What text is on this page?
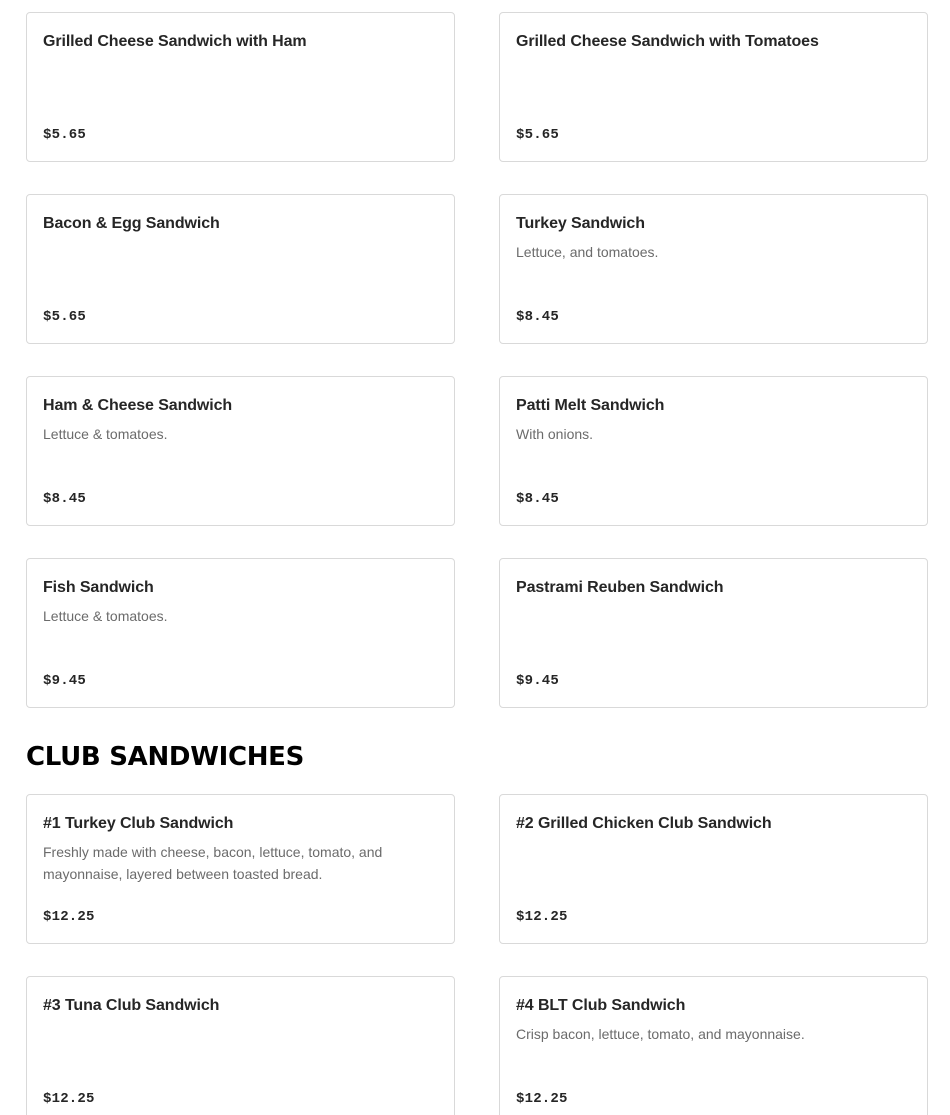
Grilled Cheese Sandwich with Ham
$5.65
Grilled Cheese Sandwich with Tomatoes
$5.65
Bacon & Egg Sandwich
$5.65
Turkey Sandwich
Lettuce, and tomatoes.
$8.45
Ham & Cheese Sandwich
Lettuce & tomatoes.
$8.45
Patti Melt Sandwich
With onions.
$8.45
Fish Sandwich
Lettuce & tomatoes.
$9.45
Pastrami Reuben Sandwich
$9.45
CLUB SANDWICHES
#1 Turkey Club Sandwich
Freshly made with cheese, bacon, lettuce, tomato, and mayonnaise, layered between toasted bread.
$12.25
#2 Grilled Chicken Club Sandwich
$12.25
#3 Tuna Club Sandwich
$12.25
#4 BLT Club Sandwich
Crisp bacon, lettuce, tomato, and mayonnaise.
$12.25
